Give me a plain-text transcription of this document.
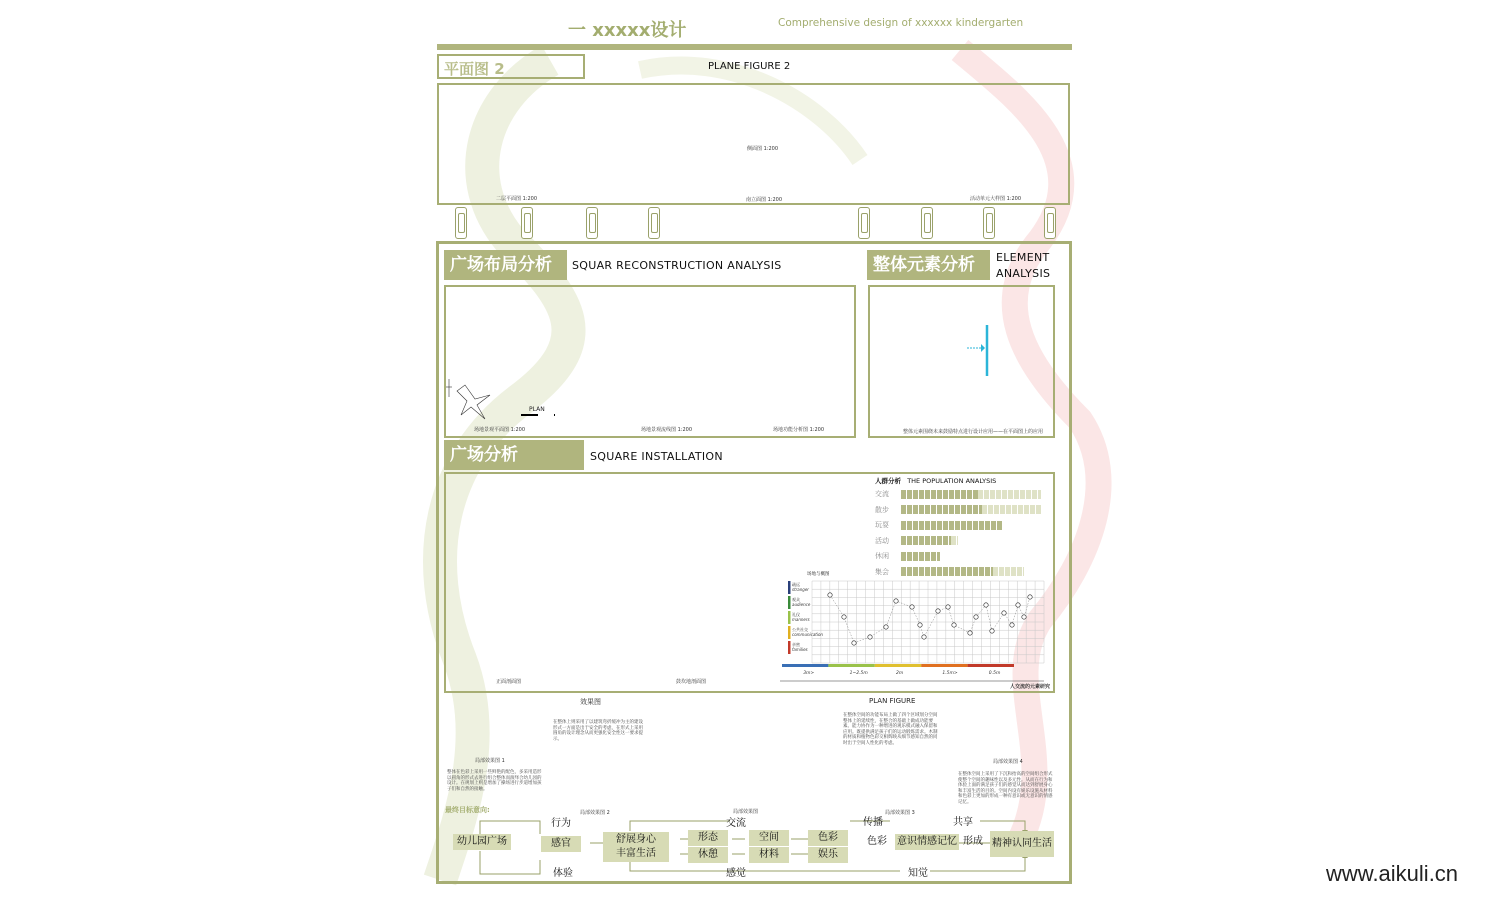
一 xxxxx设计	Comprehensive design of xxxxxx kindergarten
平面图 2	PLANE FIGURE 2
侧面图 1:200
二层平面图 1:200	南立面图 1:200	活动单元大样图 1:200
广场布局分析	SQUAR RECONSTRUCTION ANALYSIS
PLAN
场地景观平面图 1:200	场地景观流线图 1:200	场地功能分析图 1:200
整体元素分析	ELEMENT
ANALYSIS
整体元素围绕未来鼓励特点进行设计应用——在平面图上的应用
广场分析	SQUARE INSTALLATION
正面剖面图	鼓坎地剖面图
人群分析 THE POPULATION ANALYSIS
交流
散步
玩耍
活动
休闲
集会
场地与概图
疏远
stranger
观众
audience
礼仪
manners
公共社交
communication
亲密
families
3m>	1~2.5m	2m	1.5m>	0.5m
人交流的元素研究
效果图	PLAN FIGURE
在整体上则采用了以建筑弯折缓冲为主的建设形式一方面是出于安全的考虑，在形式上采用圆角的设计理念从而更强化安全性这一要求提示。
在整体空间的功能布局上做了四个区域划分空间整体上的延续性，在整合的基础上做成功能要素。能力协作为一种增进的观乐模式融入保留和应用。既提供满足孩子们的运动锻炼需求。木制的材质和植物色彩交相辉映从细节感知自然的同时出于空间人性化的考虑。
局部效果图 1	局部效果图 4
整体在色彩上采用一些鲜艳的配色，多采用造形以圆角的形式去进行组合整体而演绎合幼儿园的设计。在规划上则是增加了操场进行步道增加孩子们和自然的接触。
在整体空间上采用了下沉和抬高的空间组合形式使整个空间的趣味性以及多元性。从而在行为和体验上面的满足孩子们的感觉从而达到舒展身心和丰富生活的目的。空间内设有娱乐设施从材料和色彩上更加的形成一种有意识或无意识的情感记忆。
局部效果图 2	局部效果图	局部效果图 3
最终目标意向:
幼儿园广场
行为
感官
体验
舒展身心
丰富生活
形态
休憩
空间
材料
色彩
娱乐
交流
感觉
传播
色彩 意识情感记忆
共享
形成
知觉
精神认同生活
www.aikuli.cn
